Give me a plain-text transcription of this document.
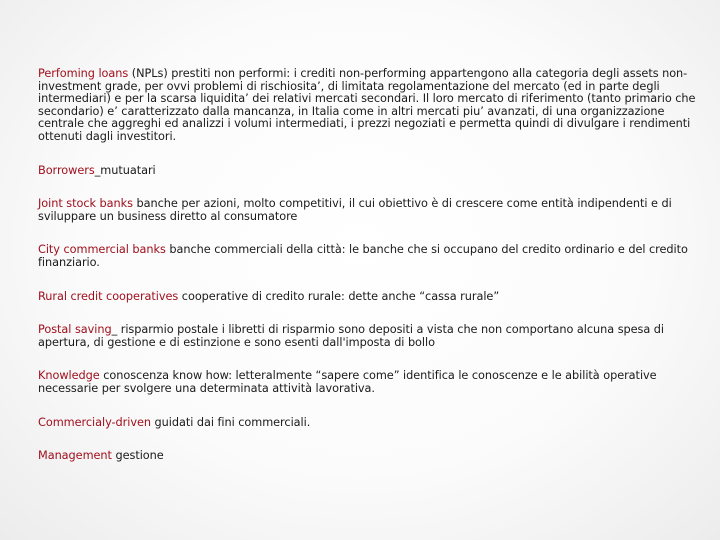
Perfoming loans (NPLs) prestiti non performi: i crediti non-performing appartengono alla categoria degli assets non-investment grade, per ovvi problemi di rischiosita’, di limitata regolamentazione del mercato (ed in parte degli intermediari) e per la scarsa liquidita’ dei relativi mercati secondari. Il loro mercato di riferimento (tanto primario che secondario) e’ caratterizzato dalla mancanza, in Italia come in altri mercati piu’ avanzati, di una organizzazione centrale che aggreghi ed analizzi i volumi intermediati, i prezzi negoziati e permetta quindi di divulgare i rendimenti ottenuti dagli investitori.

Borrowers_mutuatari

Joint stock banks banche per azioni, molto competitivi, il cui obiettivo è di crescere come entità indipendenti e di sviluppare un business diretto al consumatore

City commercial banks banche commerciali della città: le banche che si occupano del credito ordinario e del credito finanziario.

Rural credit cooperatives cooperative di credito rurale: dette anche “cassa rurale”

Postal saving_ risparmio postale i libretti di risparmio sono depositi a vista che non comportano alcuna spesa di apertura, di gestione e di estinzione e sono esenti dall'imposta di bollo

Knowledge conoscenza know how: letteralmente “sapere come” identifica le conoscenze e le abilità operative necessarie per svolgere una determinata attività lavorativa.

Commercialy-driven guidati dai fini commerciali.

Management gestione
